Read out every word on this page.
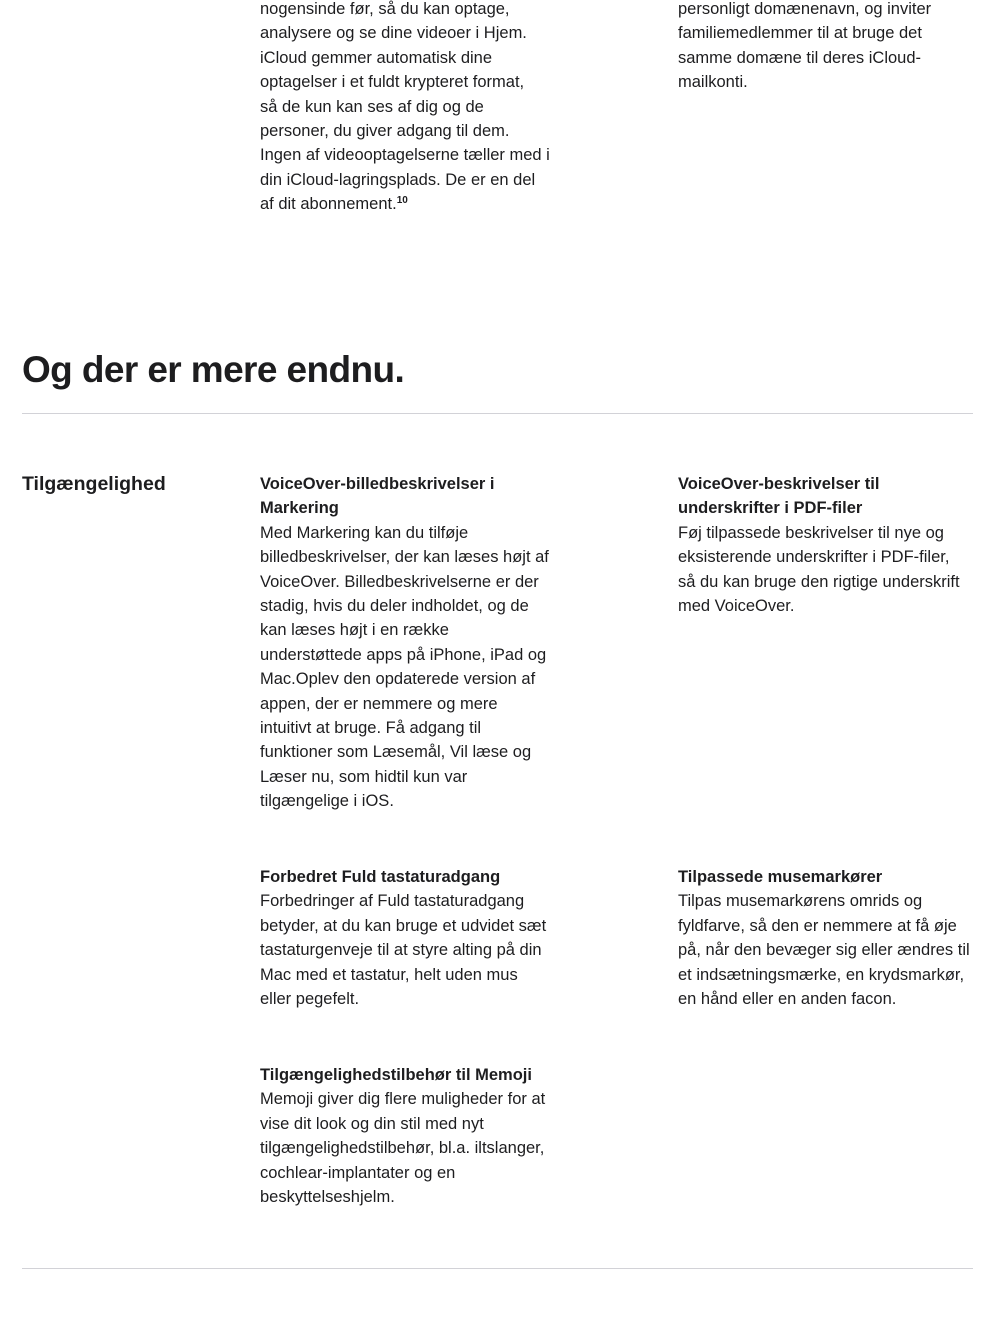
nogensinde før, så du kan optage,
analysere og se dine videoer i Hjem.
iCloud gemmer automatisk dine
optagelser i et fuldt krypteret format,
så de kun kan ses af dig og de
personer, du giver adgang til dem.
Ingen af videooptagelserne tæller med i
din iCloud-lagringsplads. De er en del
af dit abonnement.$^{10}$
personligt domænenavn, og inviter
familiemedlemmer til at bruge det
samme domæne til deres iCloud-
mailkonti.
Og der er mere endnu.
Tilgængelighed	VoiceOver-billedbeskrivelser i
Markering
Med Markering kan du tilføje
billedbeskrivelser, der kan læses højt af
VoiceOver. Billedbeskrivelserne er der
stadig, hvis du deler indholdet, og de
kan læses højt i en række
understøttede apps på iPhone, iPad og
Mac.Oplev den opdaterede version af
appen, der er nemmere og mere
intuitivt at bruge. Få adgang til
funktioner som Læsemål, Vil læse og
Læser nu, som hidtil kun var
tilgængelige i iOS.
VoiceOver-beskrivelser til
underskrifter i PDF-filer
Føj tilpassede beskrivelser til nye og
eksisterende underskrifter i PDF-filer,
så du kan bruge den rigtige underskrift
med VoiceOver.
Forbedret Fuld tastaturadgang
Forbedringer af Fuld tastaturadgang
betyder, at du kan bruge et udvidet sæt
tastaturgenveje til at styre alting på din
Mac med et tastatur, helt uden mus
eller pegefelt.
Tilpassede musemarkører
Tilpas musemarkørens omrids og
fyldfarve, så den er nemmere at få øje
på, når den bevæger sig eller ændres til
et indsætningsmærke, en krydsmarkør,
en hånd eller en anden facon.
Tilgængelighedstilbehør til Memoji
Memoji giver dig flere muligheder for at
vise dit look og din stil med nyt
tilgængelighedstilbehør, bl.a. iltslanger,
cochlear-implantater og en
beskyttelseshjelm.
